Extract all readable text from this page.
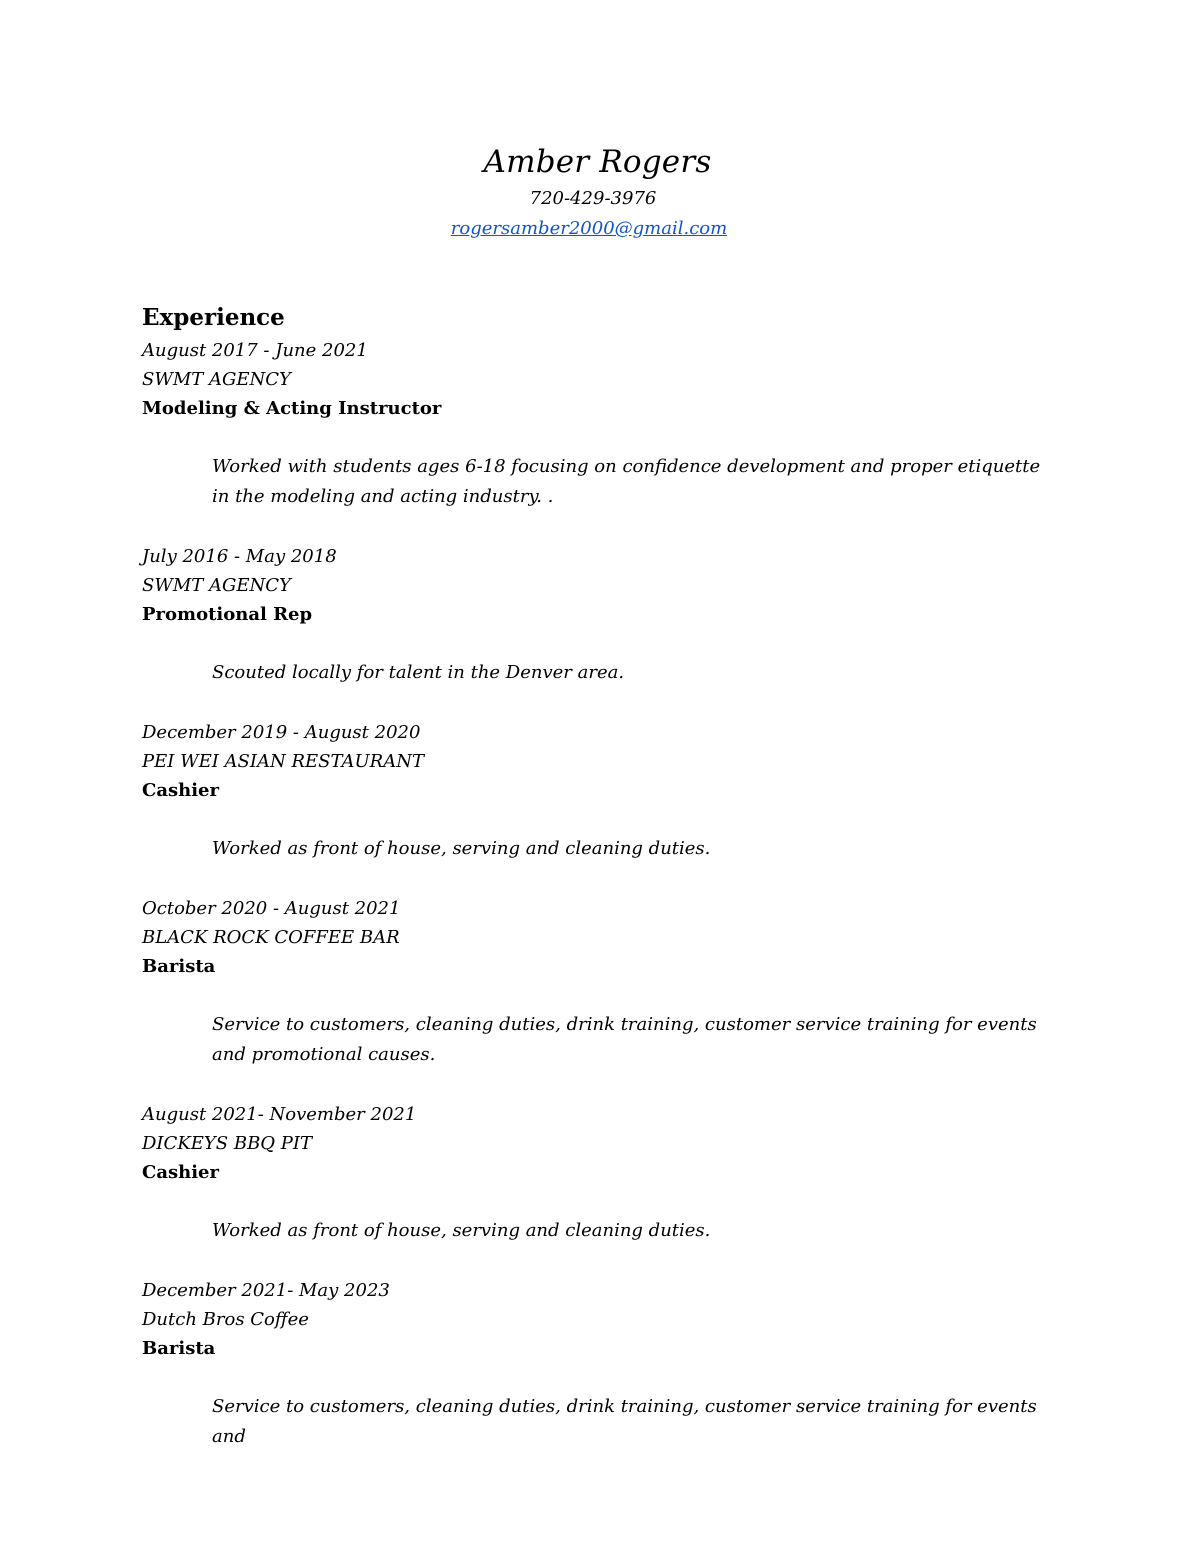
Amber Rogers
720-429-3976
rogersamber2000@gmail.com
Experience
August 2017 - June 2021
SWMT AGENCY
Modeling & Acting Instructor
Worked with students ages 6-18 focusing on confidence development and proper etiquette in the modeling and acting industry. .
July 2016 - May 2018
SWMT AGENCY
Promotional Rep
Scouted locally for talent in the Denver area.
December 2019 - August 2020
PEI WEI ASIAN RESTAURANT
Cashier
Worked as front of house, serving and cleaning duties.
October 2020 - August 2021
BLACK ROCK COFFEE BAR
Barista
Service to customers, cleaning duties, drink training, customer service training for events and promotional causes.
August 2021- November 2021
DICKEYS BBQ PIT
Cashier
Worked as front of house, serving and cleaning duties.
December 2021- May 2023
Dutch Bros Coffee
Barista
Service to customers, cleaning duties, drink training, customer service training for events and
